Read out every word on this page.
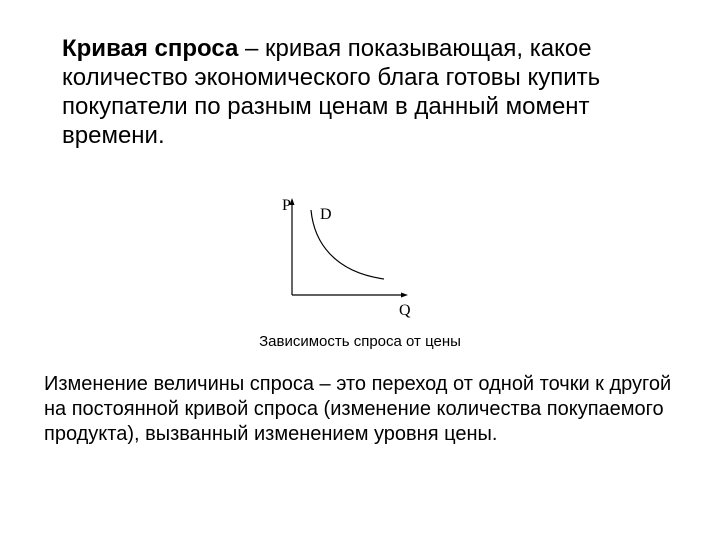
Кривая спроса – кривая показывающая, какое количество экономического блага готовы купить покупатели по разным ценам в данный момент времени.
P
D
Q
Зависимость спроса от цены
Изменение величины спроса – это переход от одной точки к другой на постоянной кривой спроса (изменение количества покупаемого продукта), вызванный изменением уровня цены.
